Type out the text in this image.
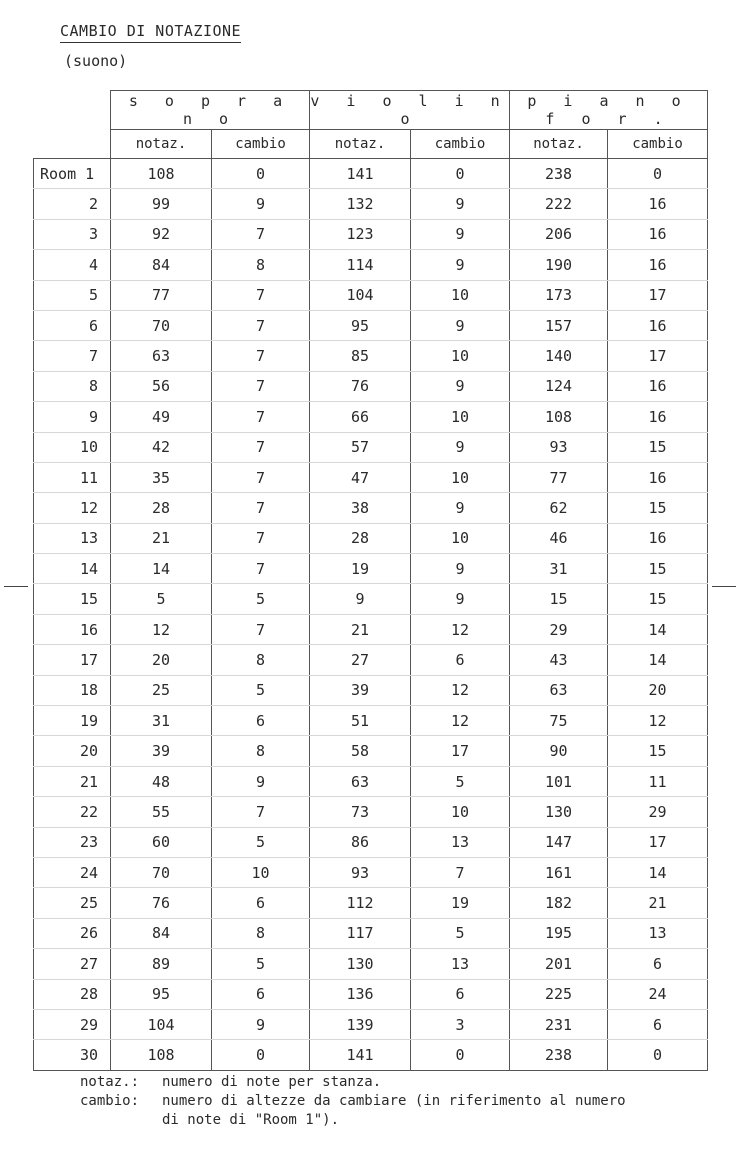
CAMBIO DI NOTAZIONE
(suono)
	s o p r a n o		v i o l i n o		p i a n o f o r .	
	notaz.	cambio	notaz.	cambio	notaz.	cambio
Room 1	108	0	141	0	238	0
2	99	9	132	9	222	16
3	92	7	123	9	206	16
4	84	8	114	9	190	16
5	77	7	104	10	173	17
6	70	7	95	9	157	16
7	63	7	85	10	140	17
8	56	7	76	9	124	16
9	49	7	66	10	108	16
10	42	7	57	9	93	15
11	35	7	47	10	77	16
12	28	7	38	9	62	15
13	21	7	28	10	46	16
14	14	7	19	9	31	15
15	5	5	9	9	15	15
16	12	7	21	12	29	14
17	20	8	27	6	43	14
18	25	5	39	12	63	20
19	31	6	51	12	75	12
20	39	8	58	17	90	15
21	48	9	63	5	101	11
22	55	7	73	10	130	29
23	60	5	86	13	147	17
24	70	10	93	7	161	14
25	76	6	112	19	182	21
26	84	8	117	5	195	13
27	89	5	130	13	201	6
28	95	6	136	6	225	24
29	104	9	139	3	231	6
30	108	0	141	0	238	0
notaz.:	numero di note per stanza.
cambio:	numero di altezze da cambiare (in riferimento al numero
di note di "Room 1").
